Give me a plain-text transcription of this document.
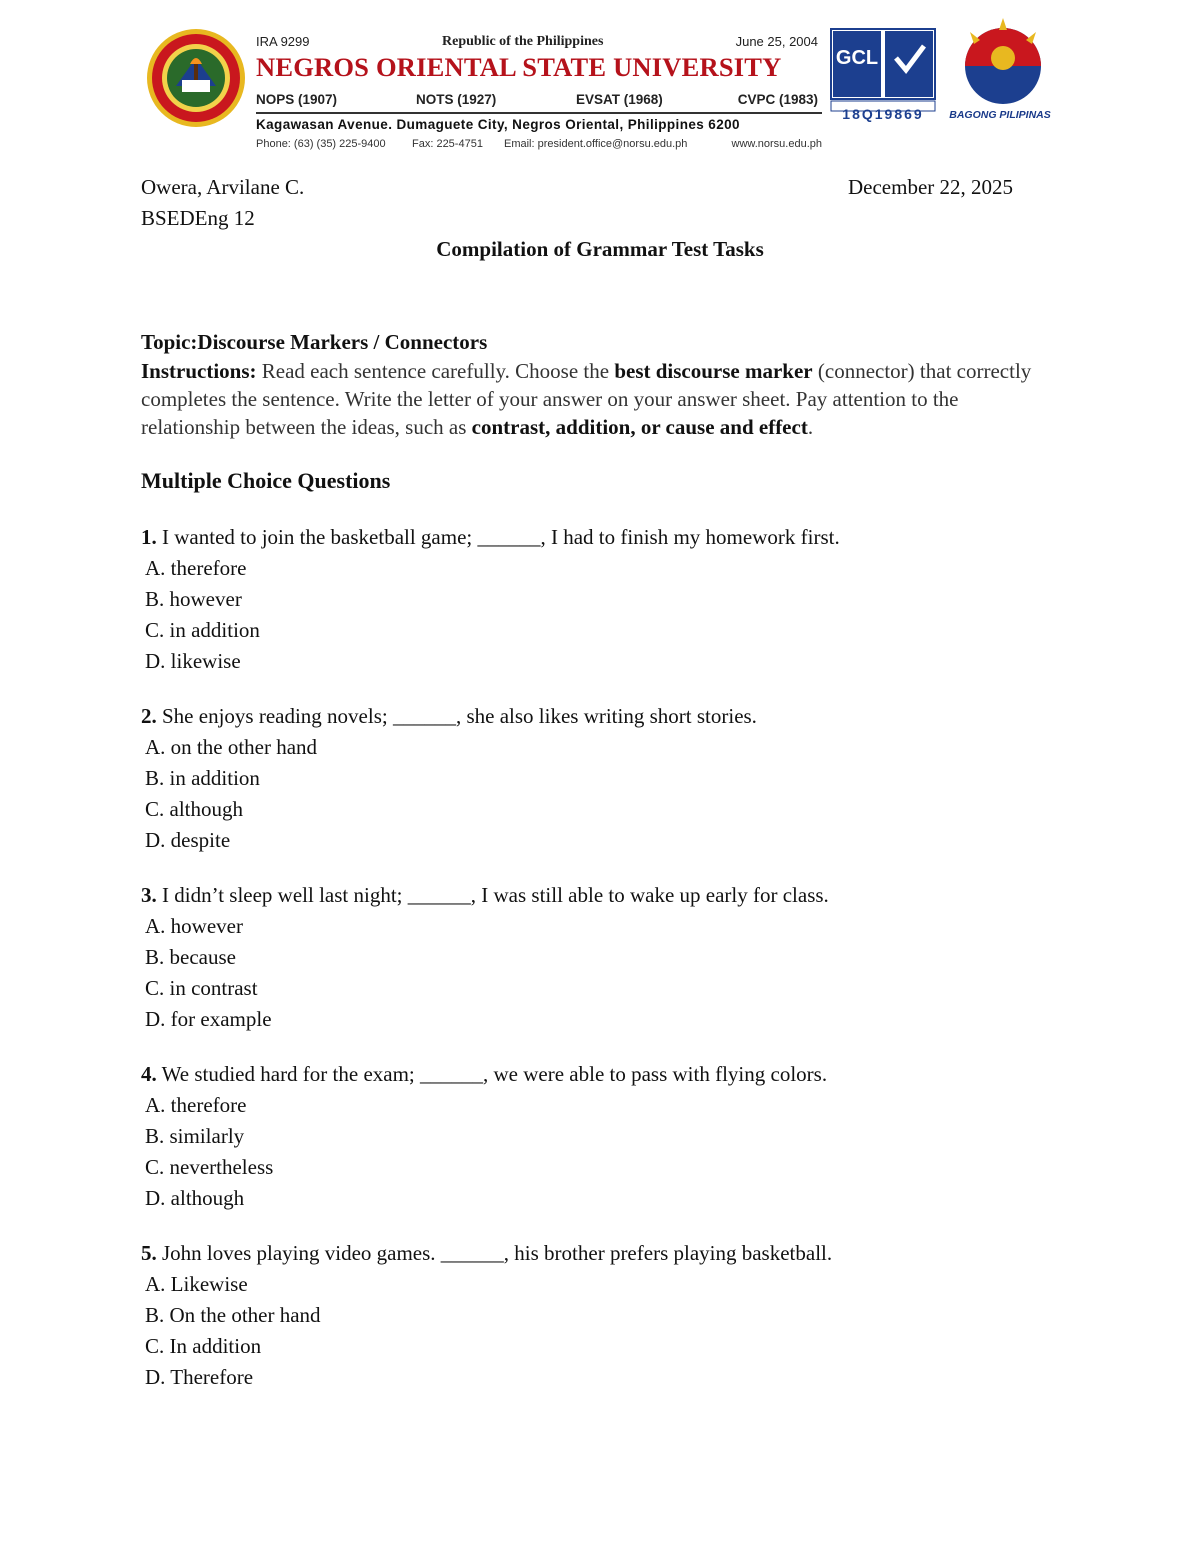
IRA 9299	Republic of the Philippines	June 25, 2004
NEGROS ORIENTAL STATE UNIVERSITY
NOPS (1907)	NOTS (1927)	EVSAT (1968)	CVPC (1983)
Kagawasan Avenue. Dumaguete City, Negros Oriental, Philippines 6200
Phone: (63) (35) 225-9400 Fax: 225-4751 Email: president.office@norsu.edu.ph	www.norsu.edu.ph
GCL
18Q19869	BAGONG PILIPINAS
Owera, Arvilane C.	December 22, 2025
BSEDEng 12
Compilation of Grammar Test Tasks
Topic:Discourse Markers / Connectors
Instructions: Read each sentence carefully. Choose the best discourse marker (connector) that correctly completes the sentence. Write the letter of your answer on your answer sheet. Pay attention to the relationship between the ideas, such as contrast, addition, or cause and effect.
Multiple Choice Questions
1. I wanted to join the basketball game; ______, I had to finish my homework first.
A. therefore
B. however
C. in addition
D. likewise
2. She enjoys reading novels; ______, she also likes writing short stories.
A. on the other hand
B. in addition
C. although
D. despite
3. I didn’t sleep well last night; ______, I was still able to wake up early for class.
A. however
B. because
C. in contrast
D. for example
4. We studied hard for the exam; ______, we were able to pass with flying colors.
A. therefore
B. similarly
C. nevertheless
D. although
5. John loves playing video games. ______, his brother prefers playing basketball.
A. Likewise
B. On the other hand
C. In addition
D. Therefore
